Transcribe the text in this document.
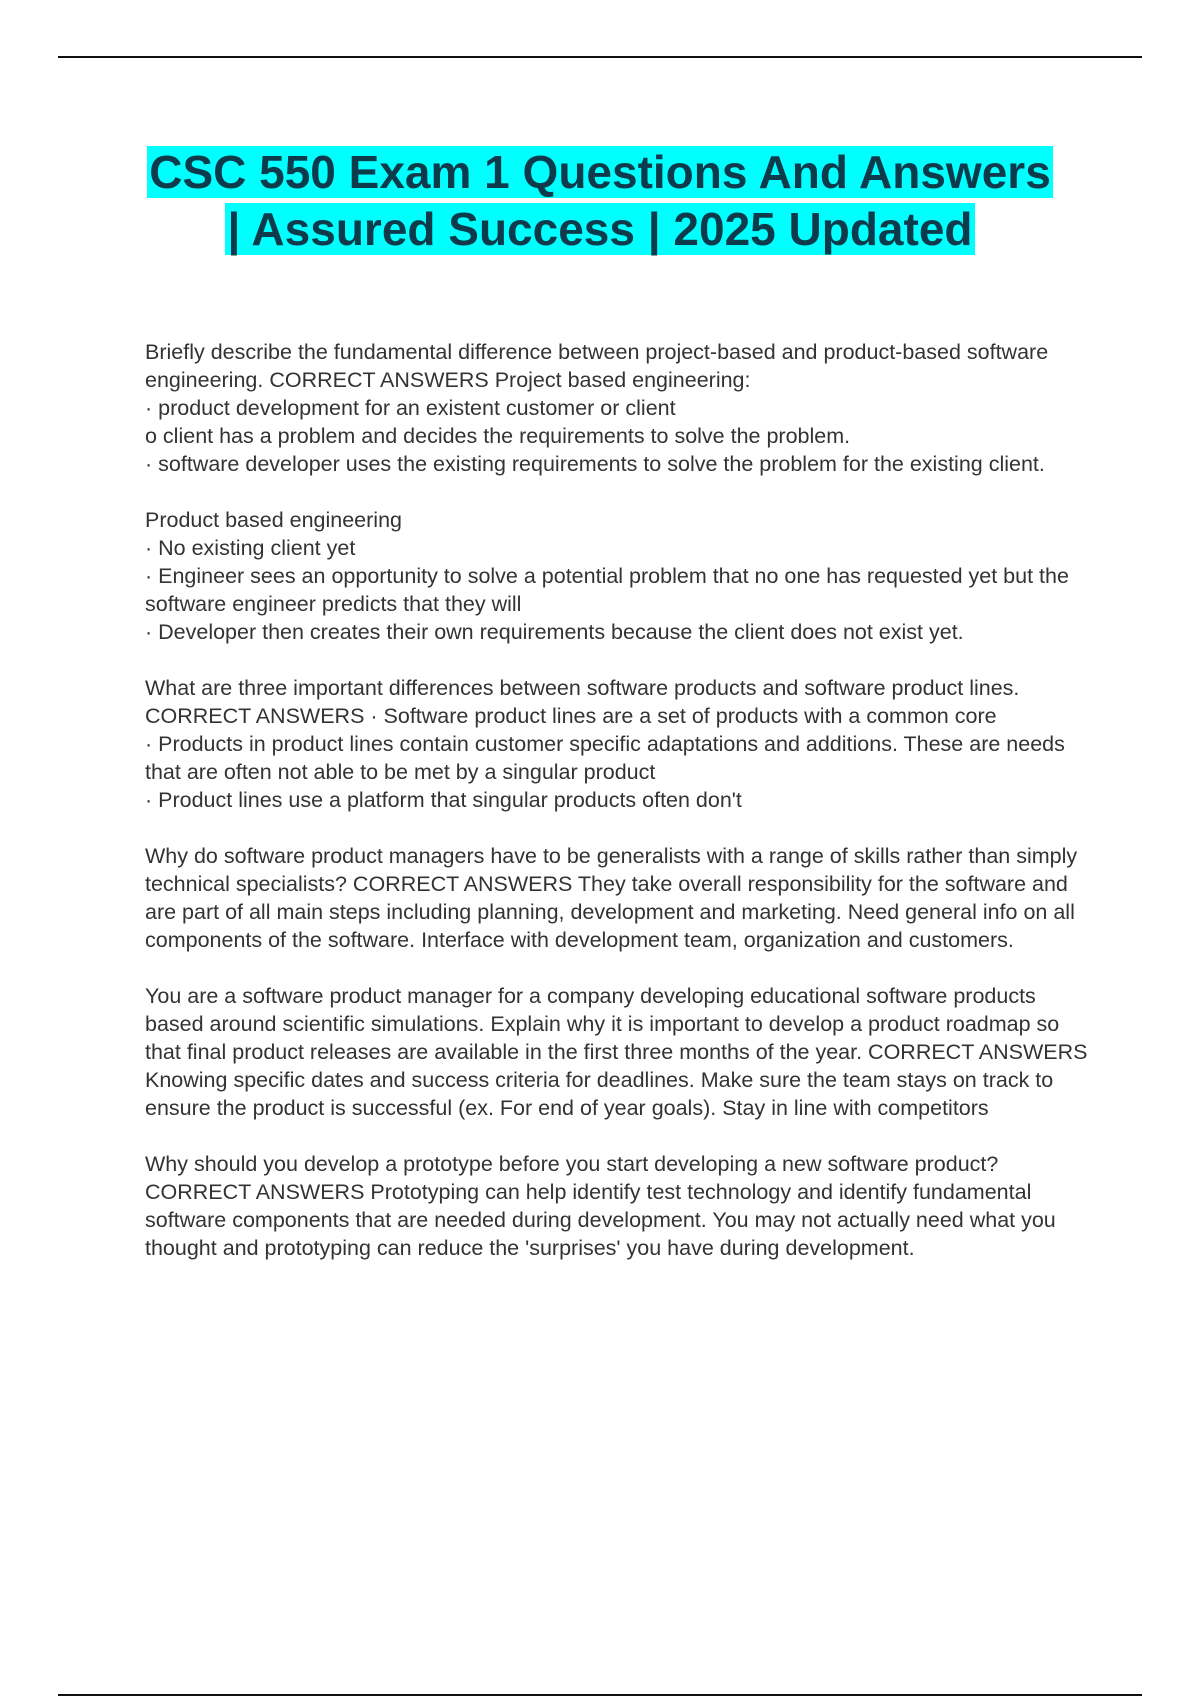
CSC 550 Exam 1 Questions And Answers | Assured Success | 2025 Updated

Briefly describe the fundamental difference between project-based and product-based software engineering. CORRECT ANSWERS Project based engineering:
· product development for an existent customer or client
o client has a problem and decides the requirements to solve the problem.
· software developer uses the existing requirements to solve the problem for the existing client.

Product based engineering
· No existing client yet
· Engineer sees an opportunity to solve a potential problem that no one has requested yet but the software engineer predicts that they will
· Developer then creates their own requirements because the client does not exist yet.

What are three important differences between software products and software product lines. CORRECT ANSWERS · Software product lines are a set of products with a common core
· Products in product lines contain customer specific adaptations and additions. These are needs that are often not able to be met by a singular product
· Product lines use a platform that singular products often don't

Why do software product managers have to be generalists with a range of skills rather than simply technical specialists? CORRECT ANSWERS They take overall responsibility for the software and are part of all main steps including planning, development and marketing. Need general info on all components of the software. Interface with development team, organization and customers.

You are a software product manager for a company developing educational software products based around scientific simulations. Explain why it is important to develop a product roadmap so that final product releases are available in the first three months of the year. CORRECT ANSWERS Knowing specific dates and success criteria for deadlines. Make sure the team stays on track to ensure the product is successful (ex. For end of year goals). Stay in line with competitors

Why should you develop a prototype before you start developing a new software product? CORRECT ANSWERS Prototyping can help identify test technology and identify fundamental software components that are needed during development. You may not actually need what you thought and prototyping can reduce the 'surprises' you have during development.
